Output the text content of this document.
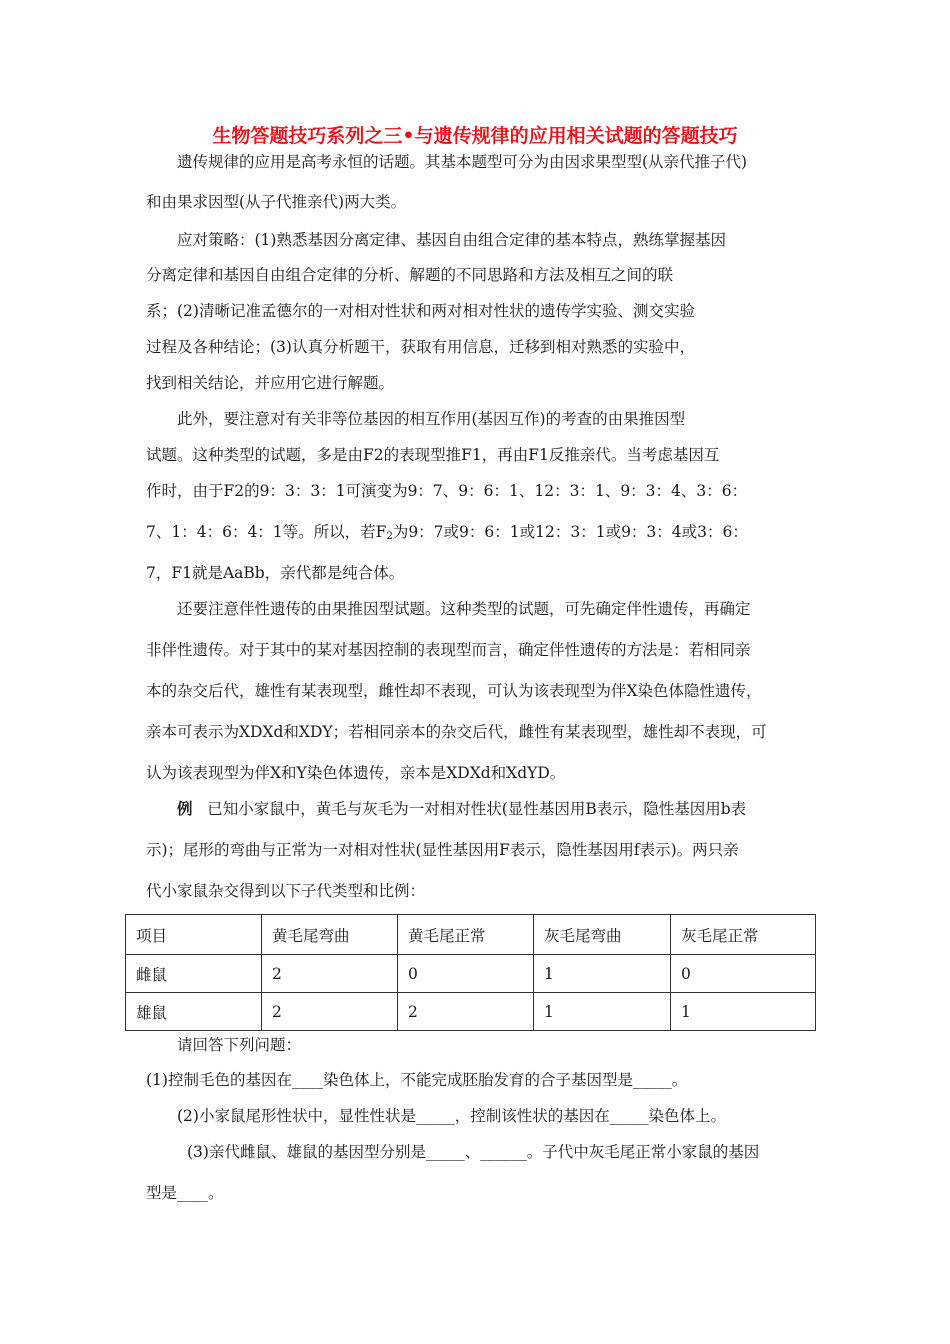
生物答题技巧系列之三•与遗传规律的应用相关试题的答题技巧
遗传规律的应用是高考永恒的话题。其基本题型可分为由因求果型型(从亲代推子代)
和由果求因型(从子代推亲代)两大类。
应对策略：(1)熟悉基因分离定律、基因自由组合定律的基本特点，熟练掌握基因
分离定律和基因自由组合定律的分析、解题的不同思路和方法及相互之间的联
系；(2)清晰记准孟德尔的一对相对性状和两对相对性状的遗传学实验、测交实验
过程及各种结论；(3)认真分析题干，获取有用信息，迁移到相对熟悉的实验中，
找到相关结论，并应用它进行解题。
此外，要注意对有关非等位基因的相互作用(基因互作)的考查的由果推因型
试题。这种类型的试题，多是由F2的表现型推F1，再由F1反推亲代。当考虑基因互
作时，由于F2的9：3：3：1可演变为9：7、9：6：1、12：3：1、9：3：4、3：6：
7、1：4：6：4：1等。所以，若$F_2$为9：7或9：6：1或12：3：1或9：3：4或3：6：
7，F1就是AaBb，亲代都是纯合体。
还要注意伴性遗传的由果推因型试题。这种类型的试题，可先确定伴性遗传，再确定
非伴性遗传。对于其中的某对基因控制的表现型而言，确定伴性遗传的方法是：若相同亲
本的杂交后代，雄性有某表现型，雌性却不表现，可认为该表现型为伴X染色体隐性遗传，
亲本可表示为XDXd和XDY；若相同亲本的杂交后代，雌性有某表现型，雄性却不表现，可
认为该表现型为伴X和Y染色体遗传，亲本是XDXd和XdYD。
例 已知小家鼠中，黄毛与灰毛为一对相对性状(显性基因用B表示，隐性基因用b表
示)；尾形的弯曲与正常为一对相对性状(显性基因用F表示，隐性基因用f表示)。两只亲
代小家鼠杂交得到以下子代类型和比例：
项目	黄毛尾弯曲	黄毛尾正常	灰毛尾弯曲	灰毛尾正常
雌鼠	2	0	1	0
雄鼠	2	2	1	1
请回答下列问题：
(1)控制毛色的基因在____染色体上，不能完成胚胎发育的合子基因型是_____。
(2)小家鼠尾形性状中，显性性状是_____，控制该性状的基因在_____染色体上。
(3)亲代雌鼠、雄鼠的基因型分别是_____、______。子代中灰毛尾正常小家鼠的基因
型是____。
